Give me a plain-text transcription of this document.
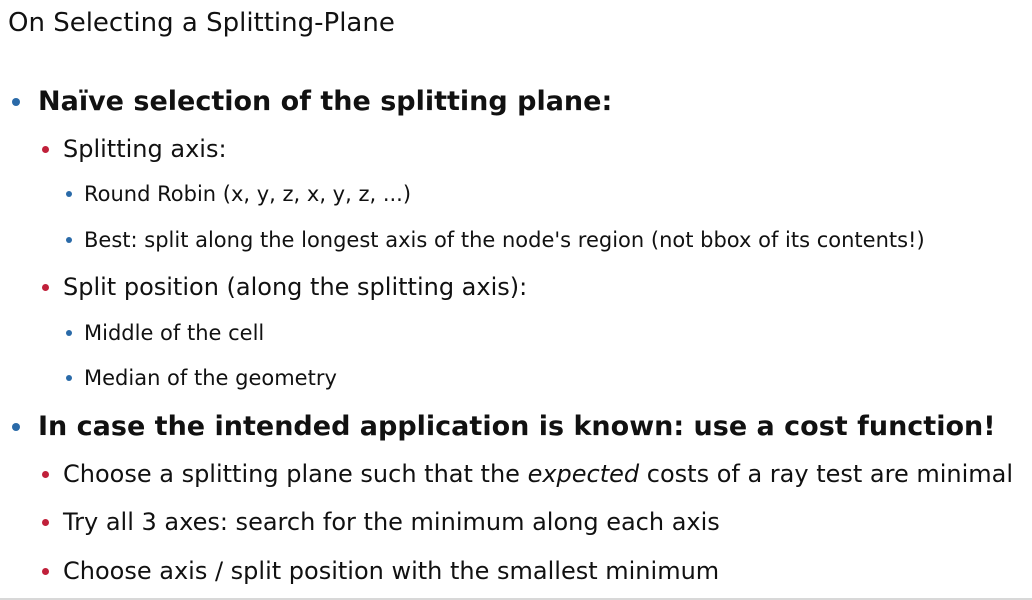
On Selecting a Splitting-Plane
Naïve selection of the splitting plane:
Splitting axis:
Round Robin (x, y, z, x, y, z, ...)
Best: split along the longest axis of the node's region (not bbox of its contents!)
Split position (along the splitting axis):
Middle of the cell
Median of the geometry
In case the intended application is known: use a cost function!
Choose a splitting plane such that the expected costs of a ray test are minimal
Try all 3 axes: search for the minimum along each axis
Choose axis / split position with the smallest minimum
